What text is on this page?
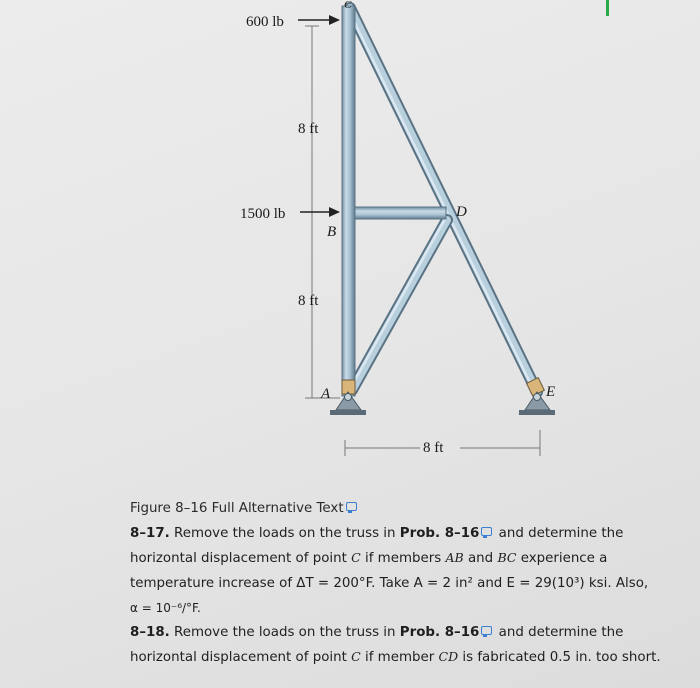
600 lb
1500 lb
8 ft
8 ft
8 ft
A
B
D
E
Figure 8–16 Full Alternative Text
8–17. Remove the loads on the truss in Prob. 8–16 and determine the
horizontal displacement of point C if members AB and BC experience a
temperature increase of ΔT = 200°F. Take A = 2 in² and E = 29(10³) ksi. Also,
α = 10⁻⁶/°F.
8–18. Remove the loads on the truss in Prob. 8–16 and determine the
horizontal displacement of point C if member CD is fabricated 0.5 in. too short.
C
